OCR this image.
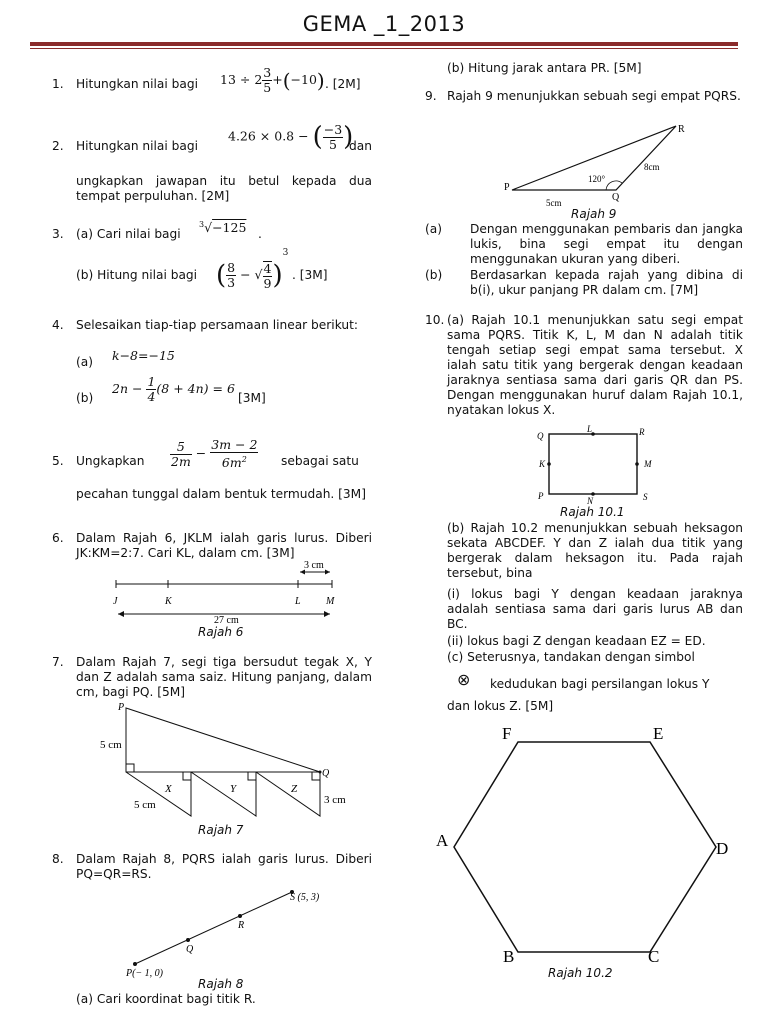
GEMA _1_2013
1. Hitungkan nilai bagi $13 \div 2 \frac{3}{5} +(-10)$ . [2M]
2. Hitungkan nilai bagi
4.26 × 0.8 − ( $\frac{-3}{5}$ )
dan
ungkapkan jawapan itu betul kepada dua tempat perpuluhan. [2M]
3. (a) Cari nilai bagi
$^3$√−125 .
(b) Hitung nilai bagi ( $\frac{8}{3}$ − √ $\frac{4}{9} )^3$
. [3M]
4. Selesaikan tiap-tiap persamaan linear berikut:
(a) k−8=−15
(b)
$2n - \frac{1}{4} (8 + 4n) = 6$
[3M]
5. Ungkapkan $\frac{5}{2m} - \frac{3m - 2}{6m^2}$ sebagai satu
pecahan tunggal dalam bentuk termudah. [3M]
6. Dalam Rajah 6, JKLM ialah garis lurus. Diberi JK:KM=2:7. Cari KL, dalam cm. [3M]
3 cm
J	K	L	M
27 cm
Rajah 6
7. Dalam Rajah 7, segi tiga bersudut tegak X, Y dan Z adalah sama saiz. Hitung panjang, dalam cm, bagi PQ. [5M]
P
Q
5 cm
5 cm	3 cm
X	Y	Z
Rajah 7
8. Dalam Rajah 8, PQRS ialah garis lurus. Diberi PQ=QR=RS.
P(− 1, 0)
Q
R
S (5, 3)
Rajah 8
(a) Cari koordinat bagi titik R.
(b) Hitung jarak antara PR. [5M]
9. Rajah 9 menunjukkan sebuah segi empat PQRS.
P
Q
R
5cm
8cm
120°
Rajah 9
(a) Dengan menggunakan pembaris dan jangka lukis, bina segi empat itu dengan menggunakan ukuran yang diberi.
(b) Berdasarkan kepada rajah yang dibina di b(i), ukur panjang PR dalam cm. [7M]
10. (a) Rajah 10.1 menunjukkan satu segi empat sama PQRS. Titik K, L, M dan N adalah titik tengah setiap segi empat sama tersebut. X ialah satu titik yang bergerak dengan keadaan jaraknya sentiasa sama dari garis QR dan PS. Dengan menggunakan huruf dalam Rajah 10.1, nyatakan lokus X.
Q	R
P	S
L
N
K	M
Rajah 10.1
(b) Rajah 10.2 menunjukkan sebuah heksagon sekata ABCDEF. Y dan Z ialah dua titik yang bergerak dalam heksagon itu. Pada rajah tersebut, bina
(i) lokus bagi Y dengan keadaan jaraknya adalah sentiasa sama dari garis lurus AB dan BC.
(ii) lokus bagi Z dengan keadaan EZ = ED.
(c) Seterusnya, tandakan dengan simbol
⊗ kedudukan bagi persilangan lokus Y
dan lokus Z. [5M]
F	E
A	D
B	C
Rajah 10.2
